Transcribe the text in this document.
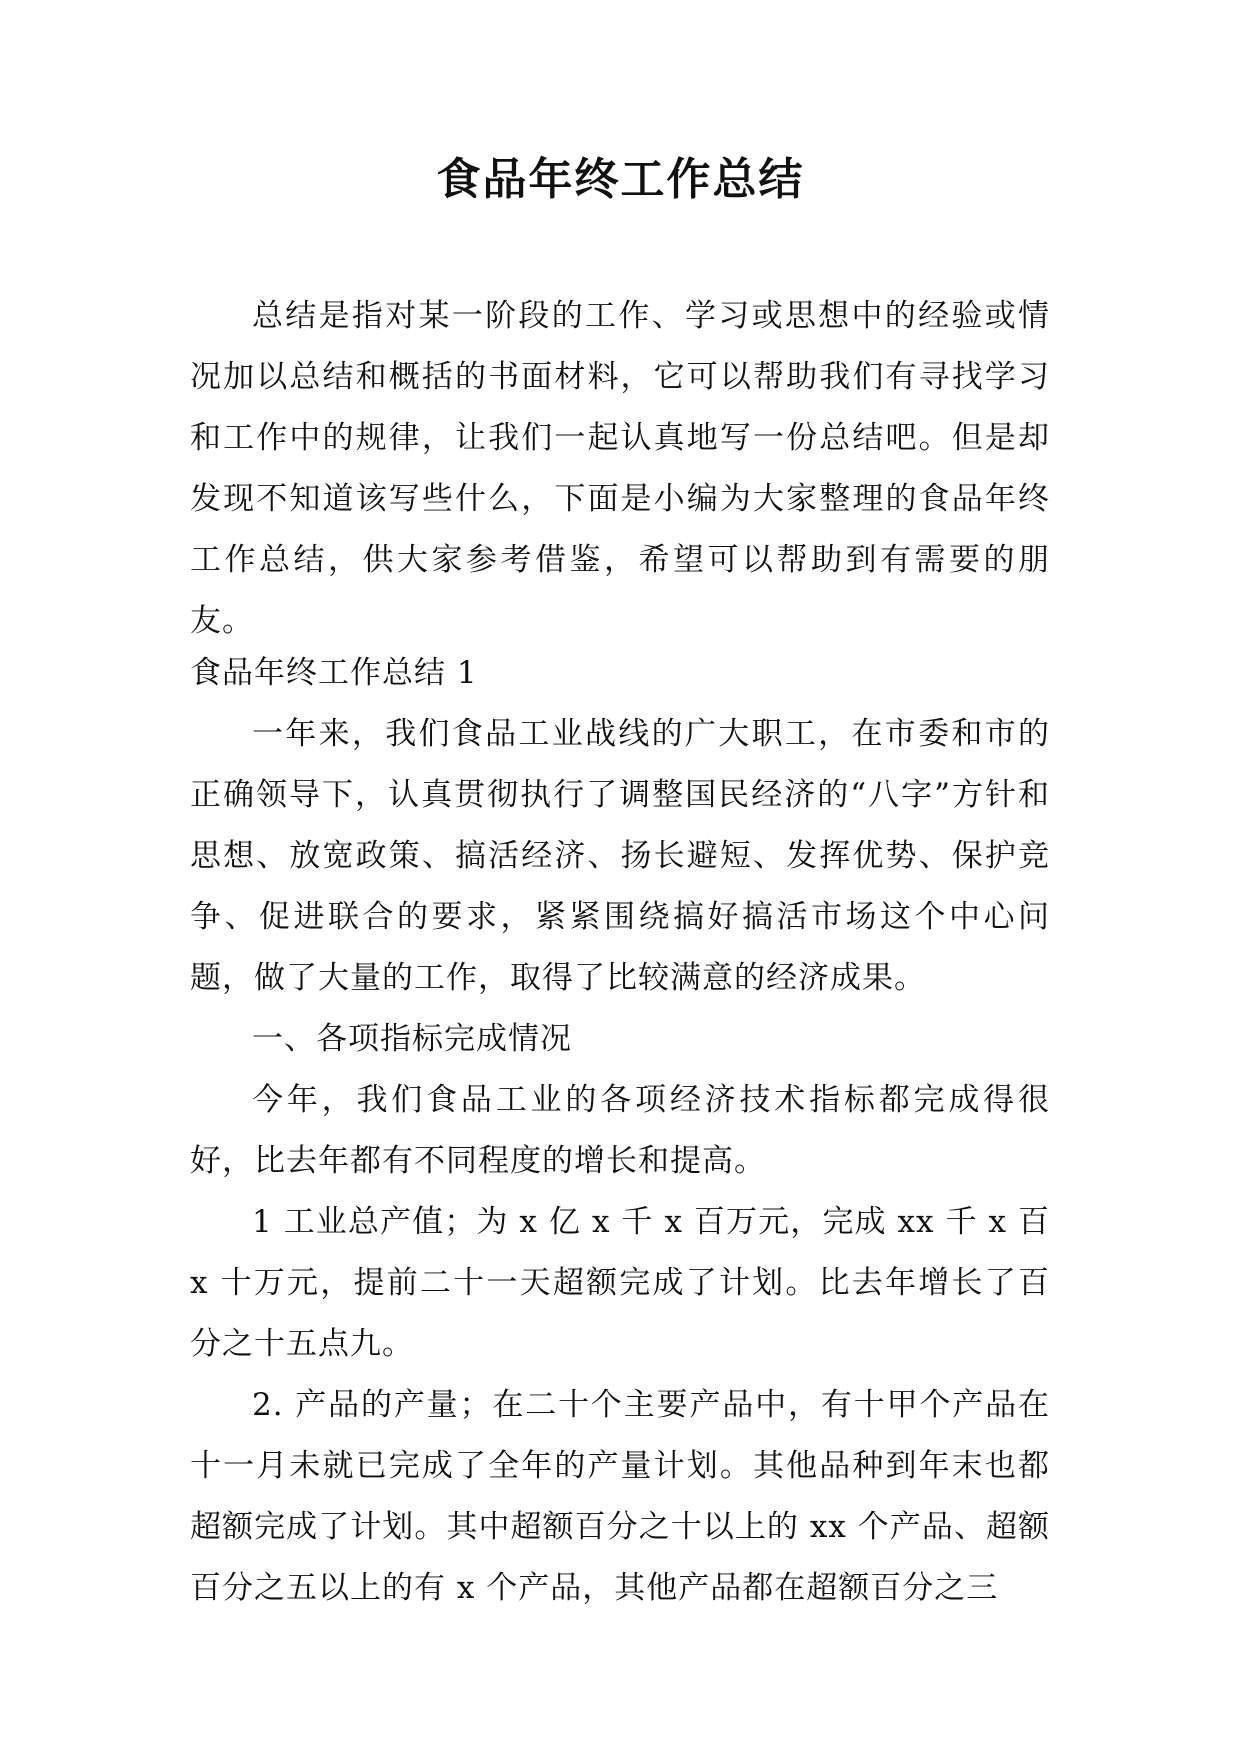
食品年终工作总结

总结是指对某一阶段的工作、学习或思想中的经验或情况加以总结和概括的书面材料，它可以帮助我们有寻找学习和工作中的规律，让我们一起认真地写一份总结吧。但是却发现不知道该写些什么，下面是小编为大家整理的食品年终工作总结，供大家参考借鉴，希望可以帮助到有需要的朋友。

食品年终工作总结 1

一年来，我们食品工业战线的广大职工，在市委和市的正确领导下，认真贯彻执行了调整国民经济的“八字”方针和思想、放宽政策、搞活经济、扬长避短、发挥优势、保护竞争、促进联合的要求，紧紧围绕搞好搞活市场这个中心问题，做了大量的工作，取得了比较满意的经济成果。

一、各项指标完成情况

今年，我们食品工业的各项经济技术指标都完成得很好，比去年都有不同程度的增长和提高。

1 工业总产值；为 x 亿 x 千 x 百万元，完成 xx 千 x 百 x 十万元，提前二十一天超额完成了计划。比去年增长了百分之十五点九。

2. 产品的产量；在二十个主要产品中，有十甲个产品在十一月未就已完成了全年的产量计划。其他品种到年末也都超额完成了计划。其中超额百分之十以上的 xx 个产品、超额百分之五以上的有 x 个产品，其他产品都在超额百分之三
